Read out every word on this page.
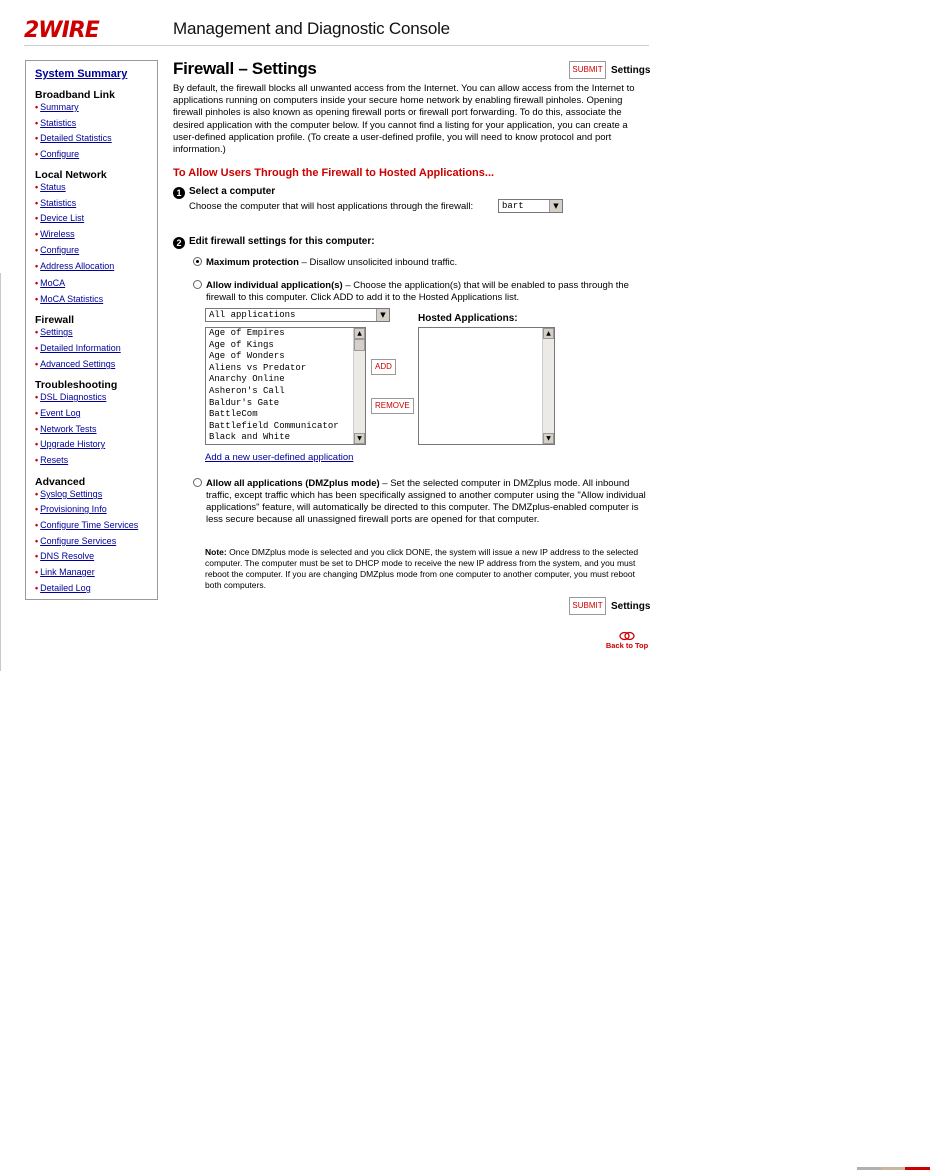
2WIRE	Management and Diagnostic Console
System Summary
Broadband Link
• Summary
• Statistics
• Detailed Statistics
• Configure
Local Network
• Status
• Statistics
• Device List
• Wireless
• Configure
• Address Allocation
• MoCA
• MoCA Statistics
Firewall
• Settings
• Detailed Information
• Advanced Settings
Troubleshooting
• DSL Diagnostics
• Event Log
• Network Tests
• Upgrade History
• Resets
Advanced
• Syslog Settings
• Provisioning Info
• Configure Time Services
• Configure Services
• DNS Resolve
• Link Manager
• Detailed Log
Firewall – Settings	SUBMIT Settings
By default, the firewall blocks all unwanted access from the Internet. You can allow access from the Internet to applications running on computers inside your secure home network by enabling firewall pinholes. Opening firewall pinholes is also known as opening firewall ports or firewall port forwarding. To do this, associate the desired application with the computer below. If you cannot find a listing for your application, you can create a user-defined application profile. (To create a user-defined profile, you will need to know protocol and port information.)
To Allow Users Through the Firewall to Hosted Applications...
1 Select a computer
Choose the computer that will host applications through the firewall:	bart	▼
2 Edit firewall settings for this computer:
Maximum protection – Disallow unsolicited inbound traffic.
Allow individual application(s) – Choose the application(s) that will be enabled to pass through the firewall to this computer. Click ADD to add it to the Hosted Applications list.
All applications	▼	Hosted Applications:
Age of Empires
Age of Kings
Age of Wonders
Aliens vs Predator
Anarchy Online
Asheron's Call
Baldur's Gate
BattleCom
Battlefield Communicator
Black and White
▲
▼
▲
▼
ADD
REMOVE
Add a new user-defined application
Allow all applications (DMZplus mode) – Set the selected computer in DMZplus mode. All inbound traffic, except traffic which has been specifically assigned to another computer using the "Allow individual applications" feature, will automatically be directed to this computer. The DMZplus-enabled computer is less secure because all unassigned firewall ports are opened for that computer.
Note: Once DMZplus mode is selected and you click DONE, the system will issue a new IP address to the selected computer. The computer must be set to DHCP mode to receive the new IP address from the system, and you must reboot the computer. If you are changing DMZplus mode from one computer to another computer, you must reboot both computers.
SUBMIT Settings
Back to Top
